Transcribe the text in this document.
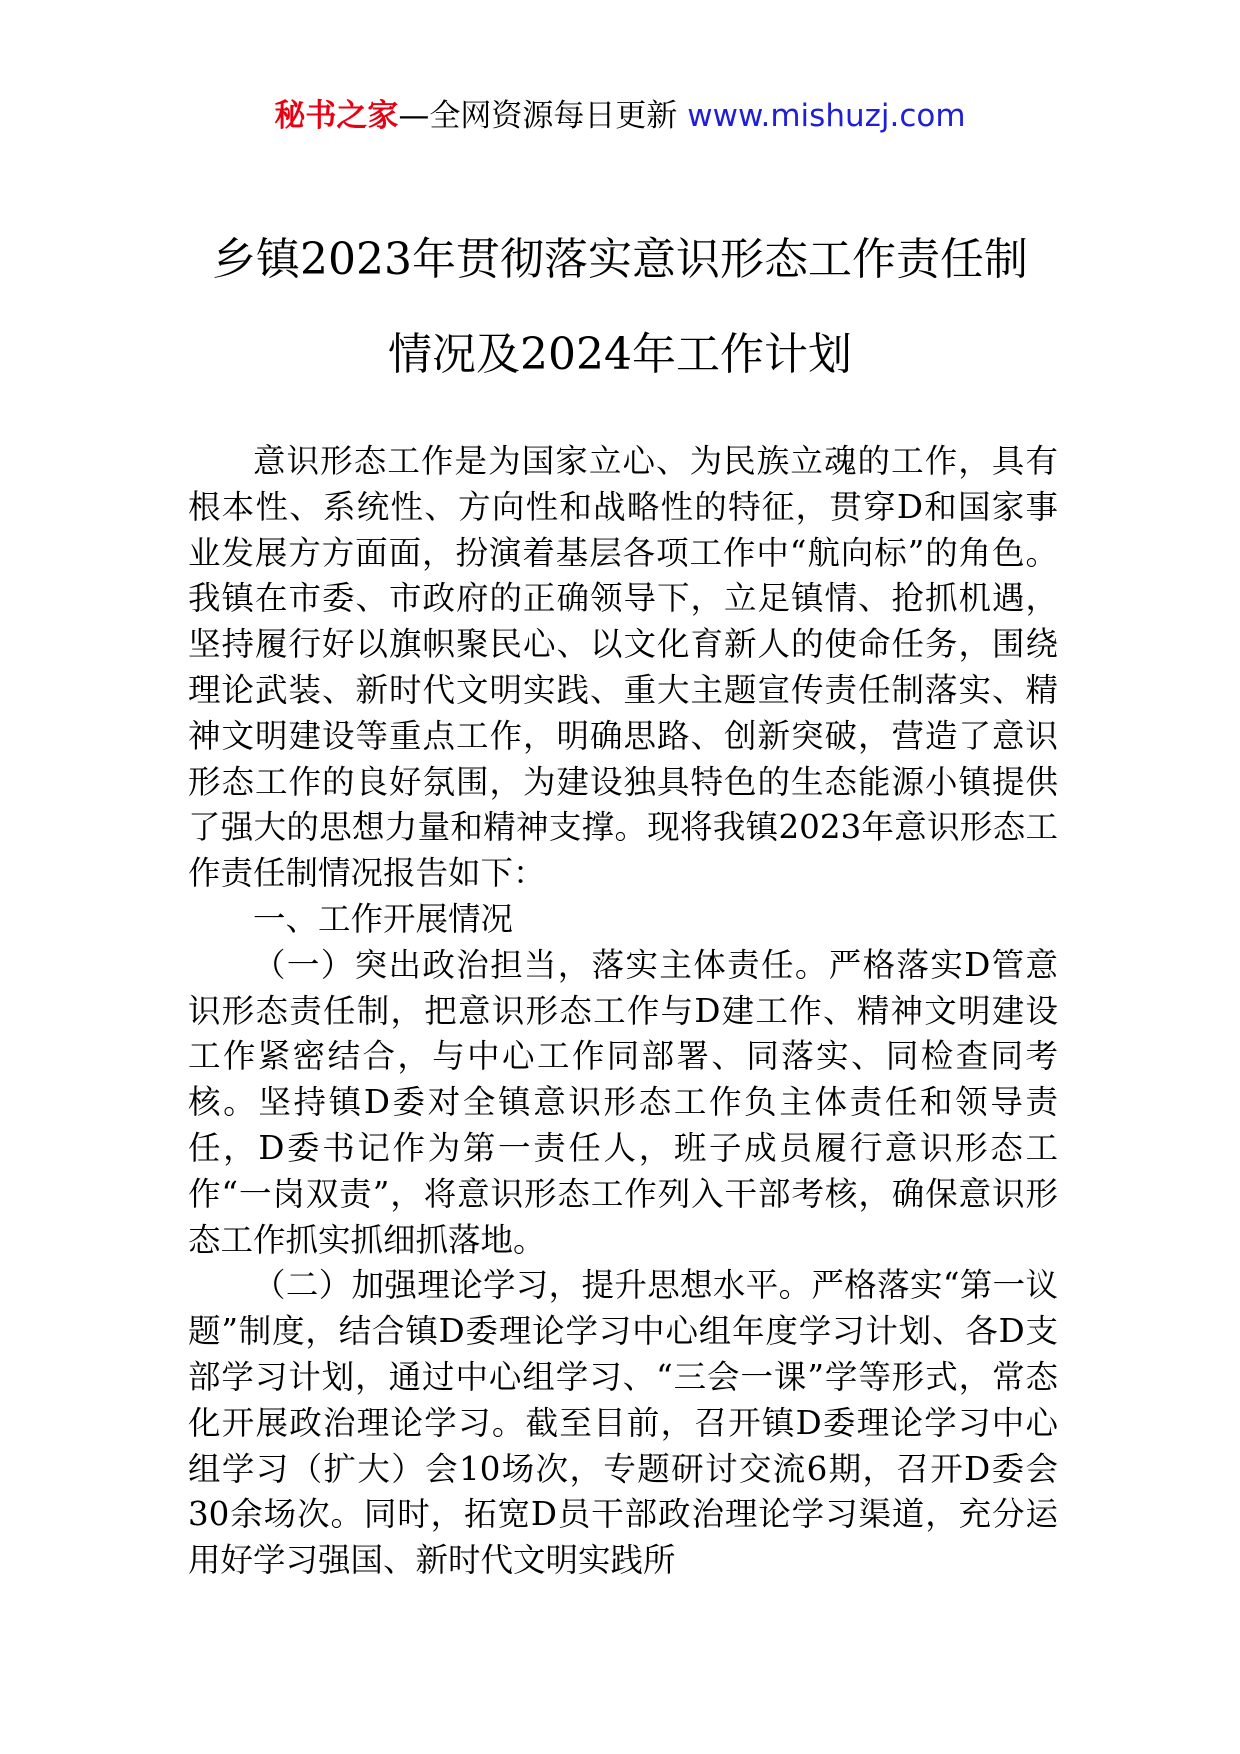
秘书之家—全网资源每日更新 www.mishuzj.com
乡镇2023年贯彻落实意识形态工作责任制
情况及2024年工作计划

意识形态工作是为国家立心、为民族立魂的工作，具有根本性、系统性、方向性和战略性的特征，贯穿D和国家事业发展方方面面，扮演着基层各项工作中“航向标”的角色。我镇在市委、市政府的正确领导下，立足镇情、抢抓机遇，坚持履行好以旗帜聚民心、以文化育新人的使命任务，围绕理论武装、新时代文明实践、重大主题宣传责任制落实、精神文明建设等重点工作，明确思路、创新突破，营造了意识形态工作的良好氛围，为建设独具特色的生态能源小镇提供了强大的思想力量和精神支撑。现将我镇2023年意识形态工作责任制情况报告如下：

一、工作开展情况

（一）突出政治担当，落实主体责任。严格落实D管意识形态责任制，把意识形态工作与D建工作、精神文明建设工作紧密结合，与中心工作同部署、同落实、同检查同考核。坚持镇D委对全镇意识形态工作负主体责任和领导责任，D委书记作为第一责任人，班子成员履行意识形态工作“一岗双责”，将意识形态工作列入干部考核，确保意识形态工作抓实抓细抓落地。

（二）加强理论学习，提升思想水平。严格落实“第一议题”制度，结合镇D委理论学习中心组年度学习计划、各D支部学习计划，通过中心组学习、“三会一课”学等形式，常态化开展政治理论学习。截至目前，召开镇D委理论学习中心组学习（扩大）会10场次，专题研讨交流6期，召开D委会30余场次。同时，拓宽D员干部政治理论学习渠道，充分运用好学习强国、新时代文明实践所
